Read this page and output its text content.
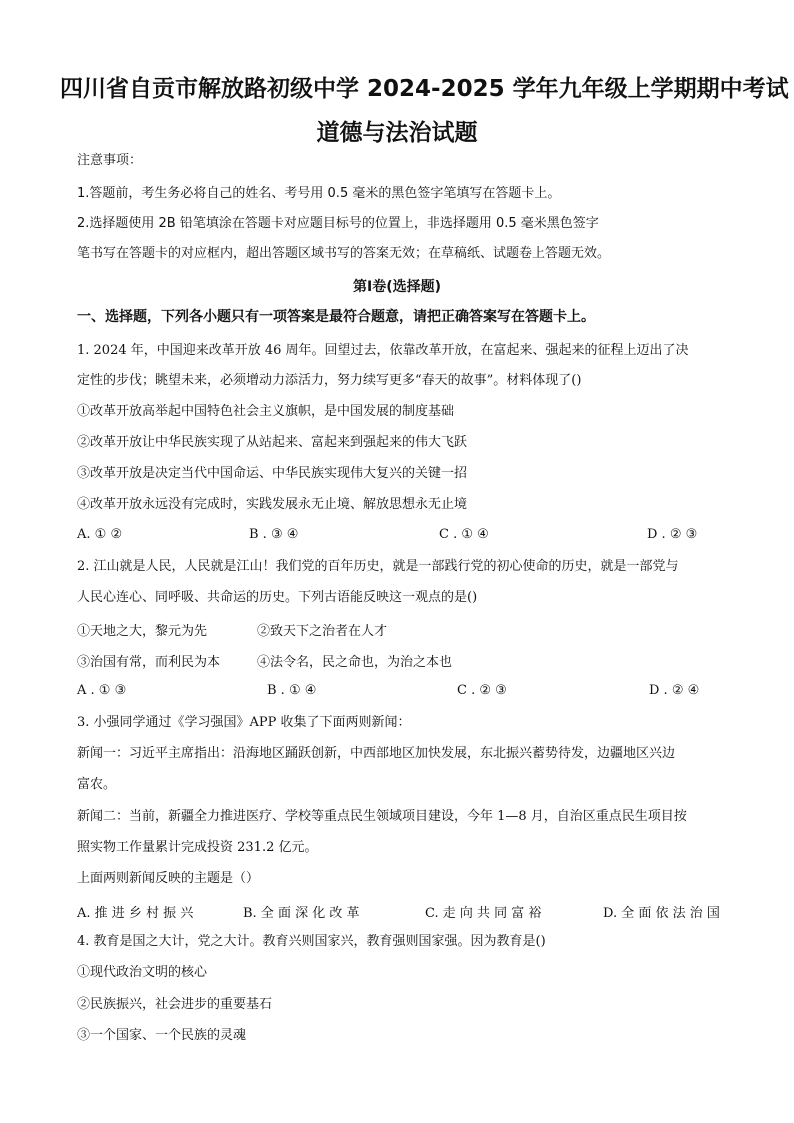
四川省自贡市解放路初级中学 2024-2025 学年九年级上学期期中考试
道德与法治试题
注意事项：
1.答题前，考生务必将自己的姓名、考号用 0.5 毫米的黑色签字笔填写在答题卡上。
2.选择题使用 2B 铅笔填涂在答题卡对应题目标号的位置上，非选择题用 0.5 毫米黑色签字
笔书写在答题卡的对应框内，超出答题区域书写的答案无效；在草稿纸、试题卷上答题无效。
第Ⅰ卷(选择题)
一、选择题，下列各小题只有一项答案是最符合题意，请把正确答案写在答题卡上。
1. 2024 年，中国迎来改革开放 46 周年。回望过去，依靠改革开放，在富起来、强起来的征程上迈出了决
定性的步伐；眺望未来，必须增动力添活力，努力续写更多“春天的故事”。材料体现了()
①改革开放高举起中国特色社会主义旗帜，是中国发展的制度基础
②改革开放让中华民族实现了从站起来、富起来到强起来的伟大飞跃
③改革开放是决定当代中国命运、中华民族实现伟大复兴的关键一招
④改革开放永远没有完成时，实践发展永无止境、解放思想永无止境
A. ① ②	B . ③ ④	C . ① ④	D . ② ③
2. 江山就是人民，人民就是江山！我们党的百年历史，就是一部践行党的初心使命的历史，就是一部党与
人民心连心、同呼吸、共命运的历史。下列古语能反映这一观点的是()
①天地之大，黎元为先	②致天下之治者在人才
③治国有常，而利民为本	④法令名，民之命也，为治之本也
A . ① ③	B . ① ④	C . ② ③	D . ② ④
3. 小强同学通过《学习强国》APP 收集了下面两则新闻：
新闻一：习近平主席指出：沿海地区踊跃创新，中西部地区加快发展，东北振兴蓄势待发，边疆地区兴边
富农。
新闻二：当前，新疆全力推进医疗、学校等重点民生领域项目建设，今年 1—8 月，自治区重点民生项目按
照实物工作量累计完成投资 231.2 亿元。
上面两则新闻反映的主题是（）
A. 推 进 乡 村 振 兴	B. 全 面 深 化 改 革	C. 走 向 共 同 富 裕	D. 全 面 依 法 治 国
4. 教育是国之大计，党之大计。教育兴则国家兴，教育强则国家强。因为教育是()
①现代政治文明的核心
②民族振兴，社会进步的重要基石
③一个国家、一个民族的灵魂
